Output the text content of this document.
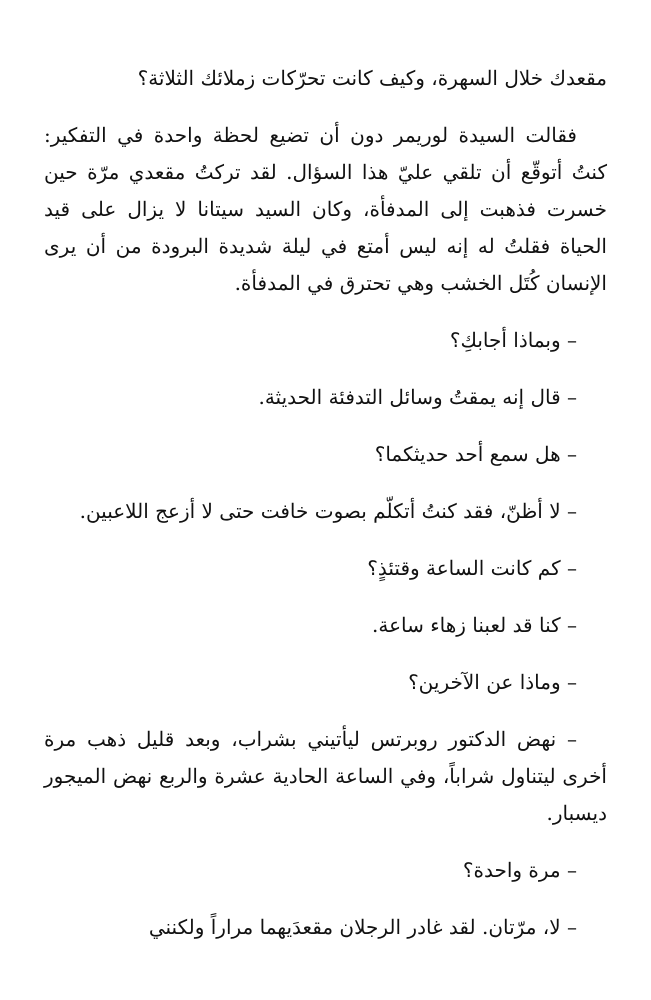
مقعدك خلال السهرة، وكيف كانت تحرّكات زملائك الثلاثة؟

فقالت السيدة لوريمر دون أن تضيع لحظة واحدة في التفكير: كنتُ أتوقّع أن تلقي عليّ هذا السؤال. لقد تركتُ مقعدي مرّة حين خسرت فذهبت إلى المدفأة، وكان السيد سيتانا لا يزال على قيد الحياة فقلتُ له إنه ليس أمتع في ليلة شديدة البرودة من أن يرى الإنسان كُتَل الخشب وهي تحترق في المدفأة.

– وبماذا أجابكِ؟

– قال إنه يمقتُ وسائل التدفئة الحديثة.

– هل سمع أحد حديثكما؟

– لا أظنّ، فقد كنتُ أتكلّم بصوت خافت حتى لا أزعج اللاعبين.

– كم كانت الساعة وقتئذٍ؟

– كنا قد لعبنا زهاء ساعة.

– وماذا عن الآخرين؟

– نهض الدكتور روبرتس ليأتيني بشراب، وبعد قليل ذهب مرة أخرى ليتناول شراباً، وفي الساعة الحادية عشرة والربع نهض الميجور ديسبار.

– مرة واحدة؟

– لا، مرّتان. لقد غادر الرجلان مقعدَيهما مراراً ولكنني
